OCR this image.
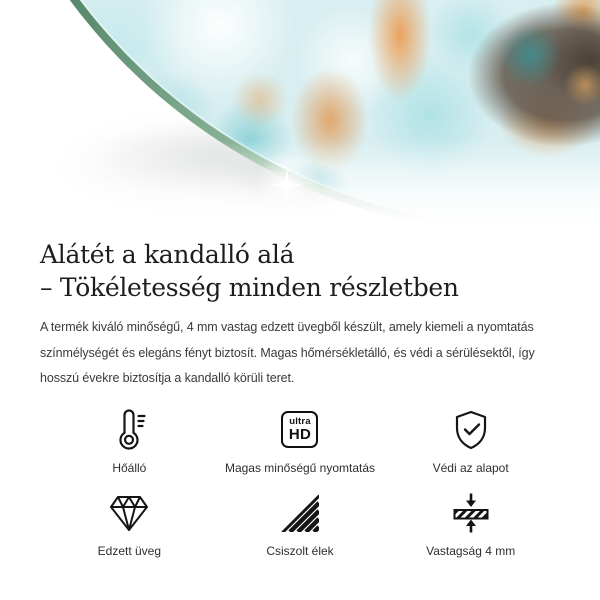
Alátét a kandalló alá
– Tökéletesség minden részletben
A termék kiváló minőségű, 4 mm vastag edzett üvegből készült, amely kiemeli a nyomtatás
színmélységét és elegáns fényt biztosít. Magas hőmérsékletálló, és védi a sérülésektől, így
hosszú évekre biztosítja a kandalló körüli teret.
Hőálló
ultra
HD
Magas minőségű nyomtatás	Védi az alapot
Edzett üveg	Csiszolt élek	Vastagság 4 mm
